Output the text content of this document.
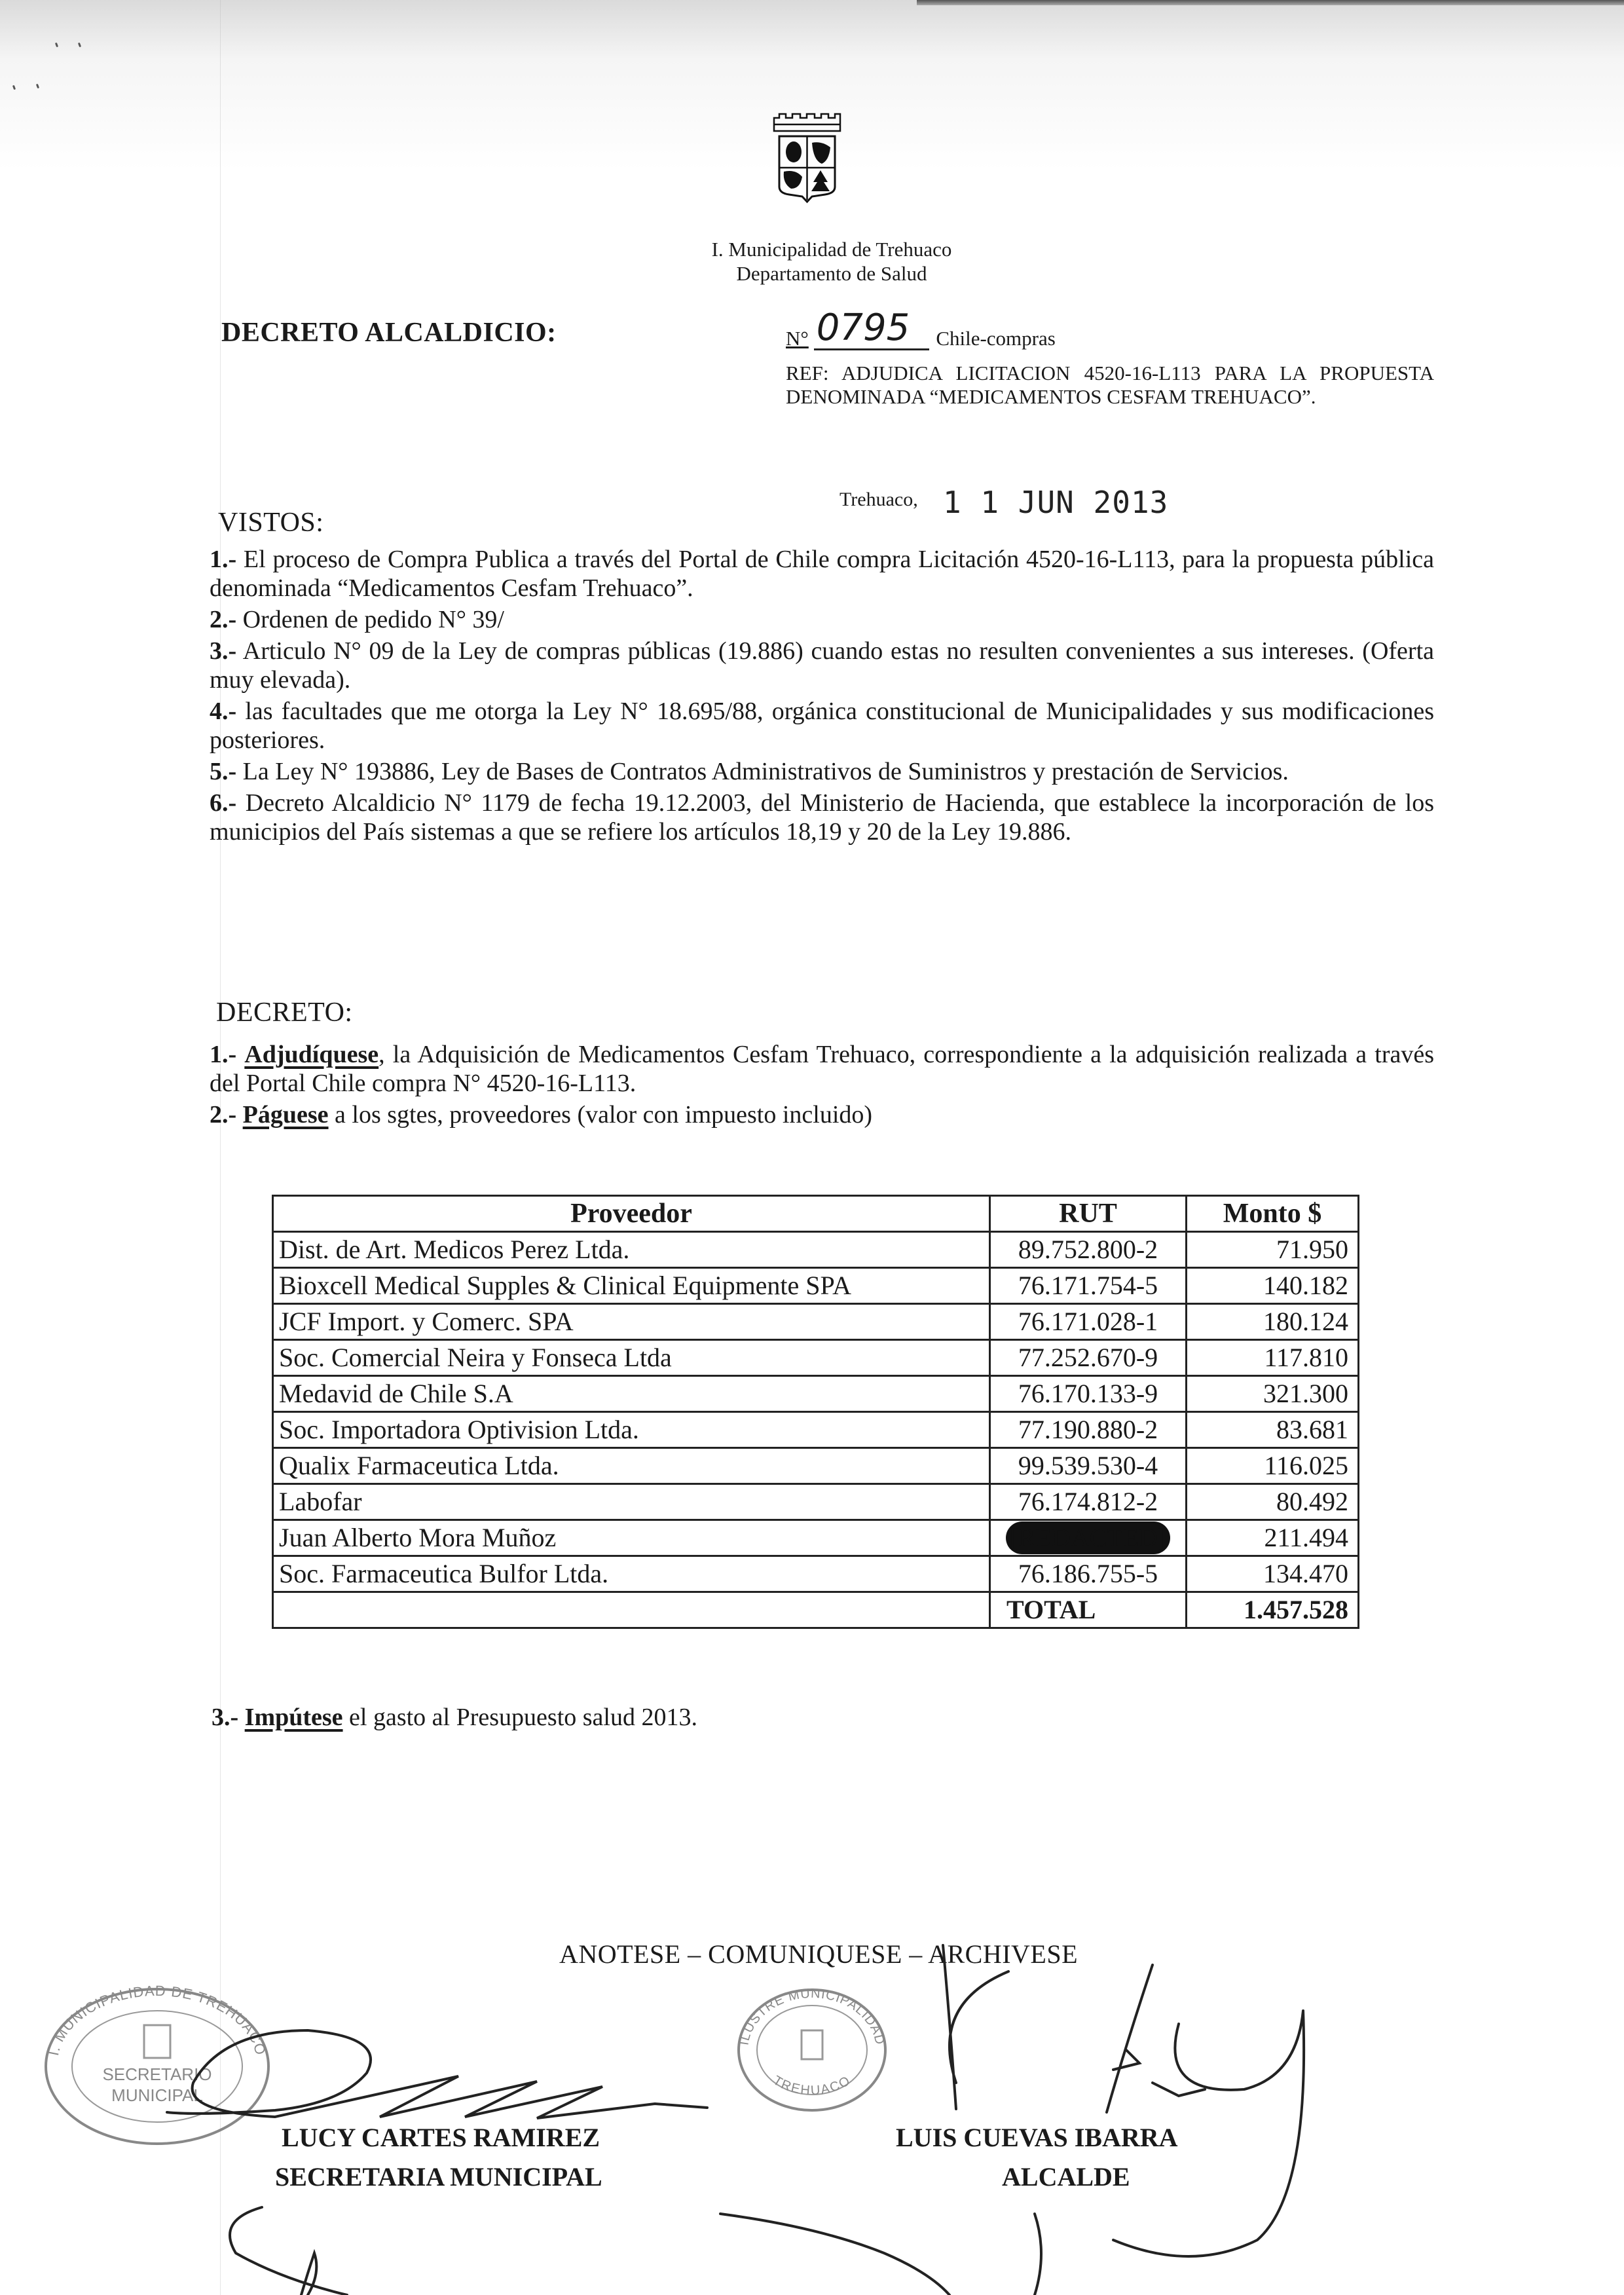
I. Municipalidad de Trehuaco
Departamento de Salud
DECRETO ALCALDICIO:	N° 0795 Chile-compras
REF: ADJUDICA LICITACION 4520-16-L113 PARA LA PROPUESTA DENOMINADA “MEDICAMENTOS CESFAM TREHUACO”.
Trehuaco, 1 1 JUN 2013
VISTOS:

1.- El proceso de Compra Publica a través del Portal de Chile compra Licitación 4520-16-L113, para la propuesta pública denominada “Medicamentos Cesfam Trehuaco”.

2.- Ordenen de pedido N° 39/

3.- Articulo N° 09 de la Ley de compras públicas (19.886) cuando estas no resulten convenientes a sus intereses. (Oferta muy elevada).

4.- las facultades que me otorga la Ley N° 18.695/88, orgánica constitucional de Municipalidades y sus modificaciones posteriores.

5.- La Ley N° 193886, Ley de Bases de Contratos Administrativos de Suministros y prestación de Servicios.

6.- Decreto Alcaldicio N° 1179 de fecha 19.12.2003, del Ministerio de Hacienda, que establece la incorporación de los municipios del País sistemas a que se refiere los artículos 18,19 y 20 de la Ley 19.886.

DECRETO:

1.- Adjudíquese, la Adquisición de Medicamentos Cesfam Trehuaco, correspondiente a la adquisición realizada a través del Portal Chile compra N° 4520-16-L113.

2.- Páguese a los sgtes, proveedores (valor con impuesto incluido)

Proveedor	RUT	Monto $
Dist. de Art. Medicos Perez Ltda.	89.752.800-2	71.950
Bioxcell Medical Supples & Clinical Equipmente SPA	76.171.754-5	140.182
JCF Import. y Comerc. SPA	76.171.028-1	180.124
Soc. Comercial Neira y Fonseca Ltda	77.252.670-9	117.810
Medavid de Chile S.A	76.170.133-9	321.300
Soc. Importadora Optivision Ltda.	77.190.880-2	83.681
Qualix Farmaceutica Ltda.	99.539.530-4	116.025
Labofar	76.174.812-2	80.492
Juan Alberto Mora Muñoz	[REDACTED]	211.494
Soc. Farmaceutica Bulfor Ltda.	76.186.755-5	134.470
	TOTAL	1.457.528
3.- Impútese el gasto al Presupuesto salud 2013.
ANOTESE – COMUNIQUESE – ARCHIVESE
I. MUNICIPALIDAD DE TREHUACO
SECRETARIO
MUNICIPAL
ILUSTRE MUNICIPALIDAD
TREHUACO
LUCY CARTES RAMIREZ
SECRETARIA MUNICIPAL
LUIS CUEVAS IBARRA
ALCALDE
